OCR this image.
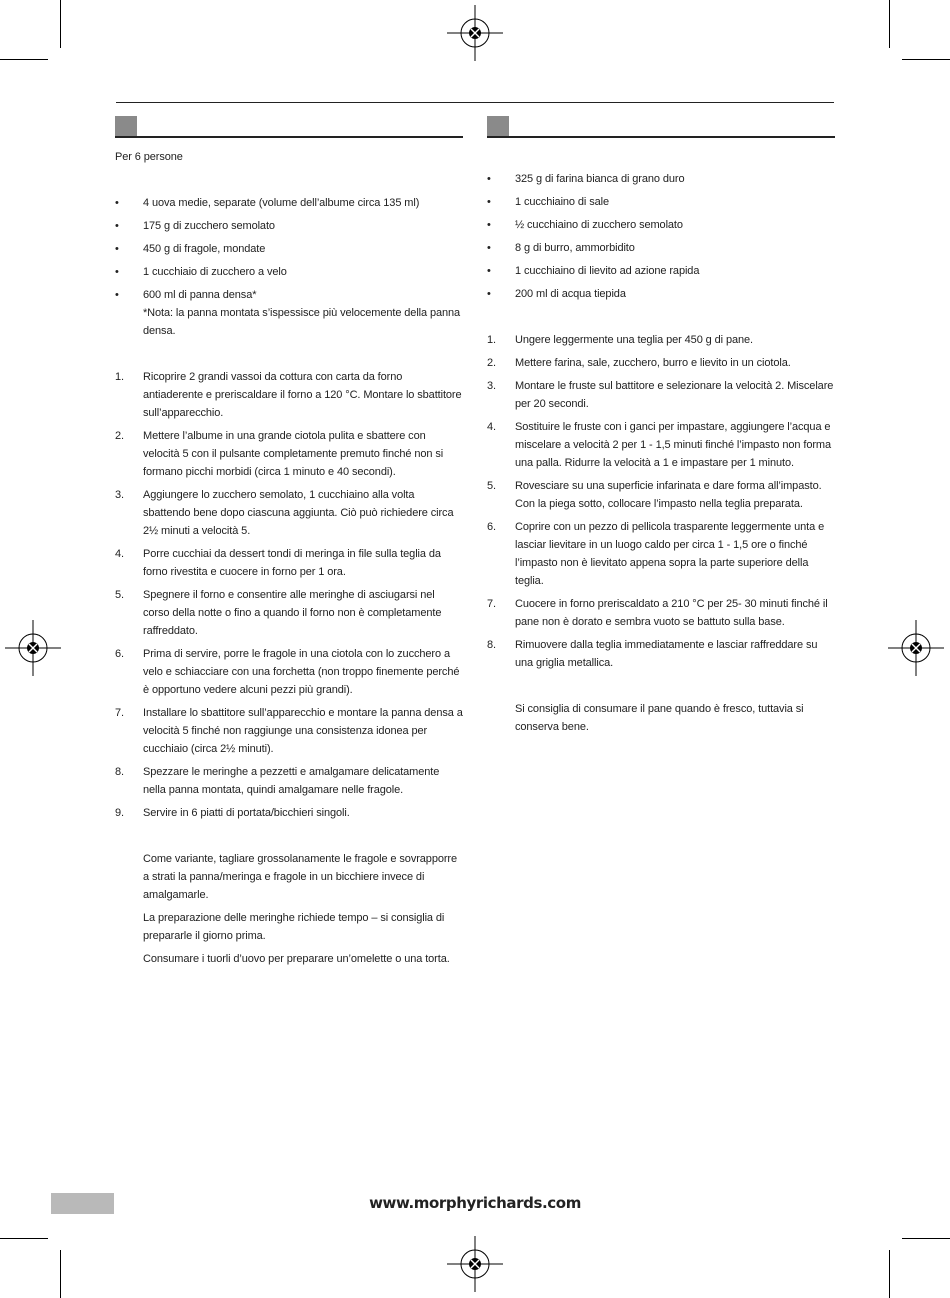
Per 6 persone
• 4 uova medie, separate (volume dell’albume circa 135 ml)
• 175 g di zucchero semolato
• 450 g di fragole, mondate
• 1 cucchiaio di zucchero a velo
• 600 ml di panna densa*
*Nota: la panna montata s’ispessisce più velocemente della panna densa.
1. Ricoprire 2 grandi vassoi da cottura con carta da forno antiaderente e preriscaldare il forno a 120 °C. Montare lo sbattitore sull’apparecchio.
2. Mettere l’albume in una grande ciotola pulita e sbattere con velocità 5 con il pulsante completamente premuto finché non si formano picchi morbidi (circa 1 minuto e 40 secondi).
3. Aggiungere lo zucchero semolato, 1 cucchiaino alla volta sbattendo bene dopo ciascuna aggiunta. Ciò può richiedere circa 2½ minuti a velocità 5.
4. Porre cucchiai da dessert tondi di meringa in file sulla teglia da forno rivestita e cuocere in forno per 1 ora.
5. Spegnere il forno e consentire alle meringhe di asciugarsi nel corso della notte o fino a quando il forno non è completamente raffreddato.
6. Prima di servire, porre le fragole in una ciotola con lo zucchero a velo e schiacciare con una forchetta (non troppo finemente perché è opportuno vedere alcuni pezzi più grandi).
7. Installare lo sbattitore sull’apparecchio e montare la panna densa a velocità 5 finché non raggiunge una consistenza idonea per cucchiaio (circa 2½ minuti).
8. Spezzare le meringhe a pezzetti e amalgamare delicatamente nella panna montata, quindi amalgamare nelle fragole.
9. Servire in 6 piatti di portata/bicchieri singoli.
Come variante, tagliare grossolanamente le fragole e sovrapporre a strati la panna/meringa e fragole in un bicchiere invece di amalgamarle.
La preparazione delle meringhe richiede tempo – si consiglia di prepararle il giorno prima.
Consumare i tuorli d’uovo per preparare un’omelette o una torta.
• 325 g di farina bianca di grano duro
• 1 cucchiaino di sale
• ½ cucchiaino di zucchero semolato
• 8 g di burro, ammorbidito
• 1 cucchiaino di lievito ad azione rapida
• 200 ml di acqua tiepida
1. Ungere leggermente una teglia per 450 g di pane.
2. Mettere farina, sale, zucchero, burro e lievito in un ciotola.
3. Montare le fruste sul battitore e selezionare la velocità 2. Miscelare per 20 secondi.
4. Sostituire le fruste con i ganci per impastare, aggiungere l’acqua e miscelare a velocità 2 per 1 - 1,5 minuti finché l’impasto non forma una palla. Ridurre la velocità a 1 e impastare per 1 minuto.
5. Rovesciare su una superficie infarinata e dare forma all’impasto. Con la piega sotto, collocare l’impasto nella teglia preparata.
6. Coprire con un pezzo di pellicola trasparente leggermente unta e lasciar lievitare in un luogo caldo per circa 1 - 1,5 ore o finché l’impasto non è lievitato appena sopra la parte superiore della teglia.
7. Cuocere in forno preriscaldato a 210 °C per 25- 30 minuti finché il pane non è dorato e sembra vuoto se battuto sulla base.
8. Rimuovere dalla teglia immediatamente e lasciar raffreddare su una griglia metallica.
Si consiglia di consumare il pane quando è fresco, tuttavia si conserva bene.
www.morphyrichards.com
